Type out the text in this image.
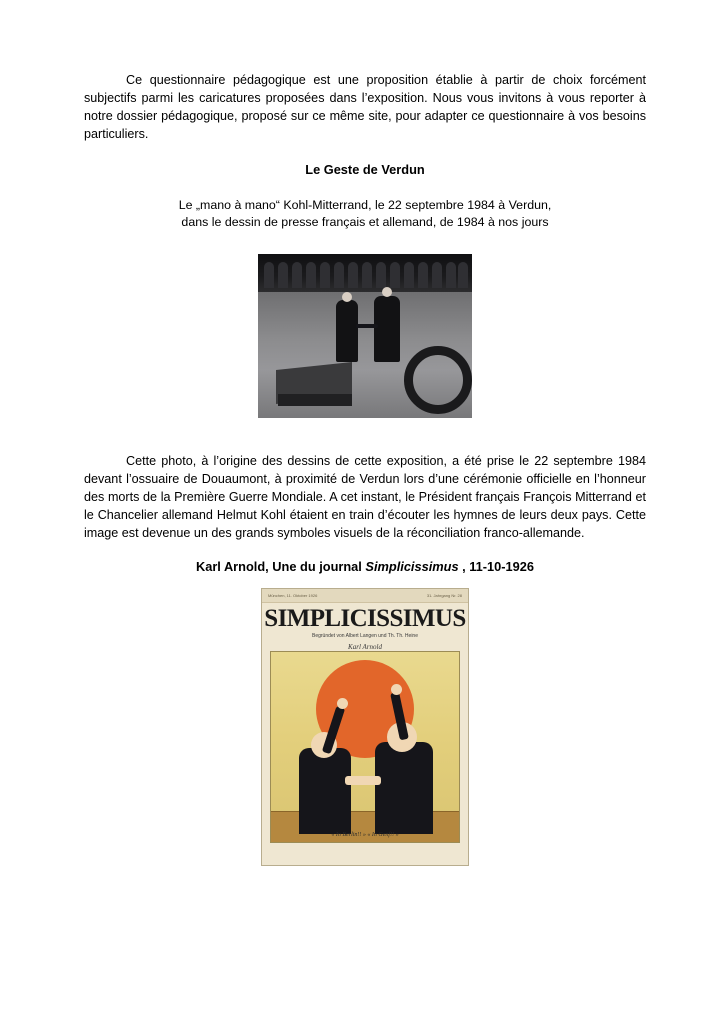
Ce questionnaire pédagogique est une proposition établie à partir de choix forcément subjectifs parmi les caricatures proposées dans l’exposition. Nous vous invitons à vous reporter à notre dossier pédagogique, proposé sur ce même site, pour adapter ce questionnaire à vos besoins particuliers.

Le Geste de Verdun
Le „mano à mano“ Kohl-Mitterrand, le 22 septembre 1984 à Verdun,
dans le dessin de presse français et allemand, de 1984 à nos jours

Cette photo, à l’origine des dessins de cette exposition, a été prise le 22 septembre 1984 devant l’ossuaire de Douaumont, à proximité de Verdun lors d’une cérémonie officielle en l’honneur des morts de la Première Guerre Mondiale. A cet instant, le Président français François Mitterrand et le Chancelier allemand Helmut Kohl étaient en train d’écouter les hymnes de leurs deux pays. Cette image est devenue un des grands symboles visuels de la réconciliation franco-allemande.

Karl Arnold, Une du journal Simplicissimus , 11-10-1926
München, 11. Oktober 1926	31. Jahrgang Nr. 28
SIMPLICISSIMUS
Begründet von Albert Langen und Th. Th. Heine
Karl Arnold
« In Berlin!! » « In Genf!! »
